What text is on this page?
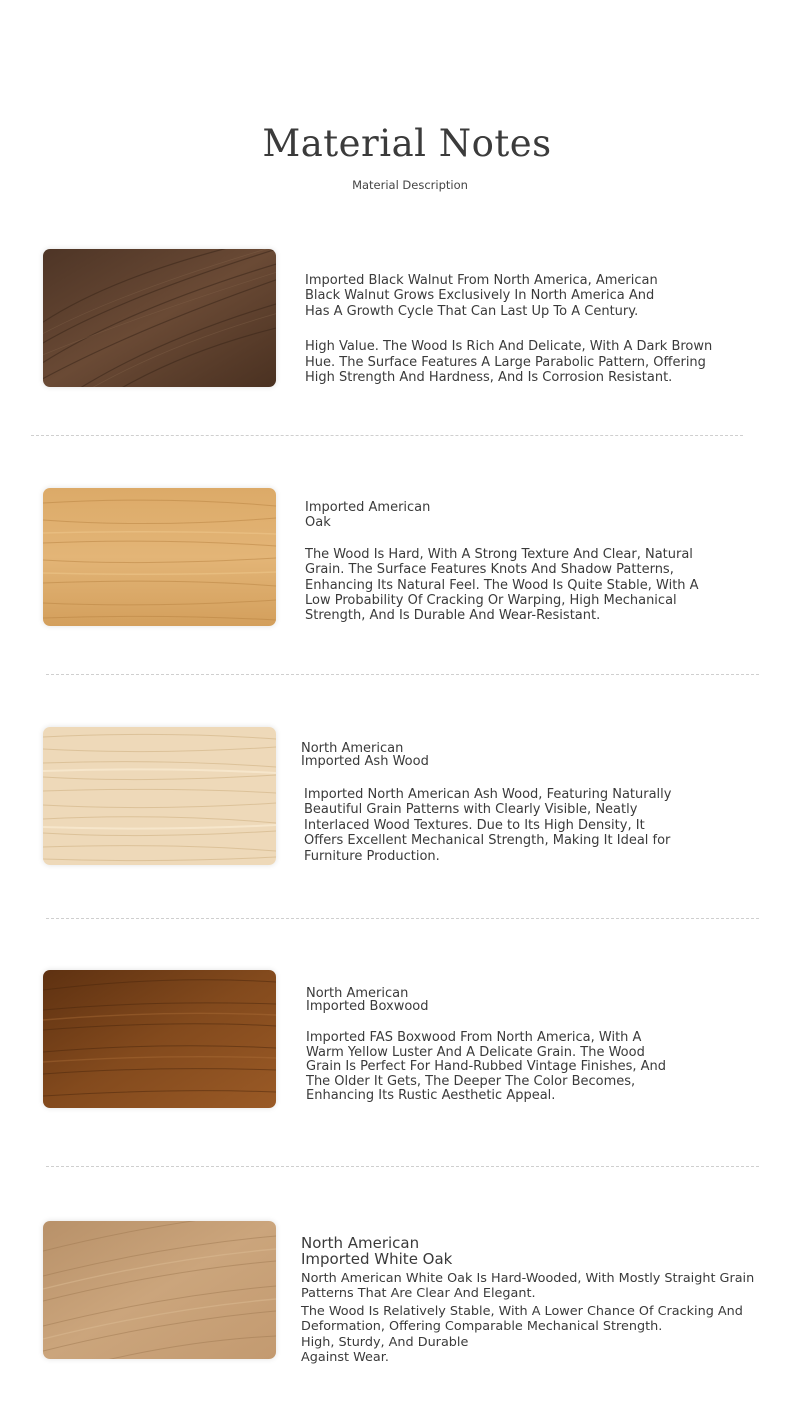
Material Notes
Material Description
Imported Black Walnut From North America, American
Black Walnut Grows Exclusively In North America And
Has A Growth Cycle That Can Last Up To A Century.
High Value. The Wood Is Rich And Delicate, With A Dark Brown
Hue. The Surface Features A Large Parabolic Pattern, Offering
High Strength And Hardness, And Is Corrosion Resistant.
Imported American
Oak
The Wood Is Hard, With A Strong Texture And Clear, Natural
Grain. The Surface Features Knots And Shadow Patterns,
Enhancing Its Natural Feel. The Wood Is Quite Stable, With A
Low Probability Of Cracking Or Warping, High Mechanical
Strength, And Is Durable And Wear-Resistant.
North American
Imported Ash Wood
Imported North American Ash Wood, Featuring Naturally
Beautiful Grain Patterns with Clearly Visible, Neatly
Interlaced Wood Textures. Due to Its High Density, It
Offers Excellent Mechanical Strength, Making It Ideal for
Furniture Production.
North American
Imported Boxwood
Imported FAS Boxwood From North America, With A
Warm Yellow Luster And A Delicate Grain. The Wood
Grain Is Perfect For Hand-Rubbed Vintage Finishes, And
The Older It Gets, The Deeper The Color Becomes,
Enhancing Its Rustic Aesthetic Appeal.
North American
Imported White Oak
North American White Oak Is Hard-Wooded, With Mostly Straight Grain
Patterns That Are Clear And Elegant.
The Wood Is Relatively Stable, With A Lower Chance Of Cracking And
Deformation, Offering Comparable Mechanical Strength.
High, Sturdy, And Durable
Against Wear.
